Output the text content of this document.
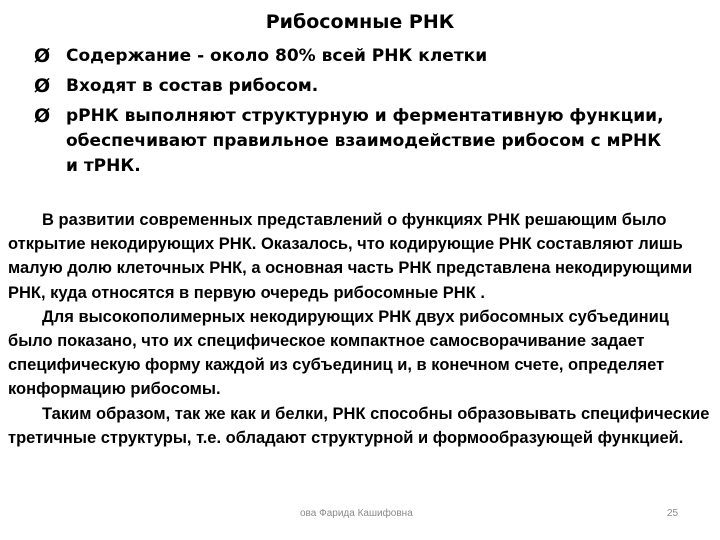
Рибосомные РНК
Ø Содержание - около 80% всей РНК клетки
Ø Входят в состав рибосом.
Ø рРНК выполняют структурную и ферментативную функции, обеспечивают правильное взаимодействие рибосом с мРНК и тРНК.

В развитии современных представлений о функциях РНК решающим было открытие некодирующих РНК. Оказалось, что кодирующие РНК составляют лишь малую долю клеточных РНК, а основная часть РНК представлена некодирующими РНК, куда относятся в первую очередь рибосомные РНК .

Для высокополимерных некодирующих РНК двух рибосомных субъединиц было показано, что их специфическое компактное самосворачивание задает специфическую форму каждой из субъединиц и, в конечном счете, определяет конформацию рибосомы.

Таким образом, так же как и белки, РНК способны образовывать специфические третичные структуры, т.е. обладают структурной и формообразующей функцией.

ова Фарида Кашифовна	25
